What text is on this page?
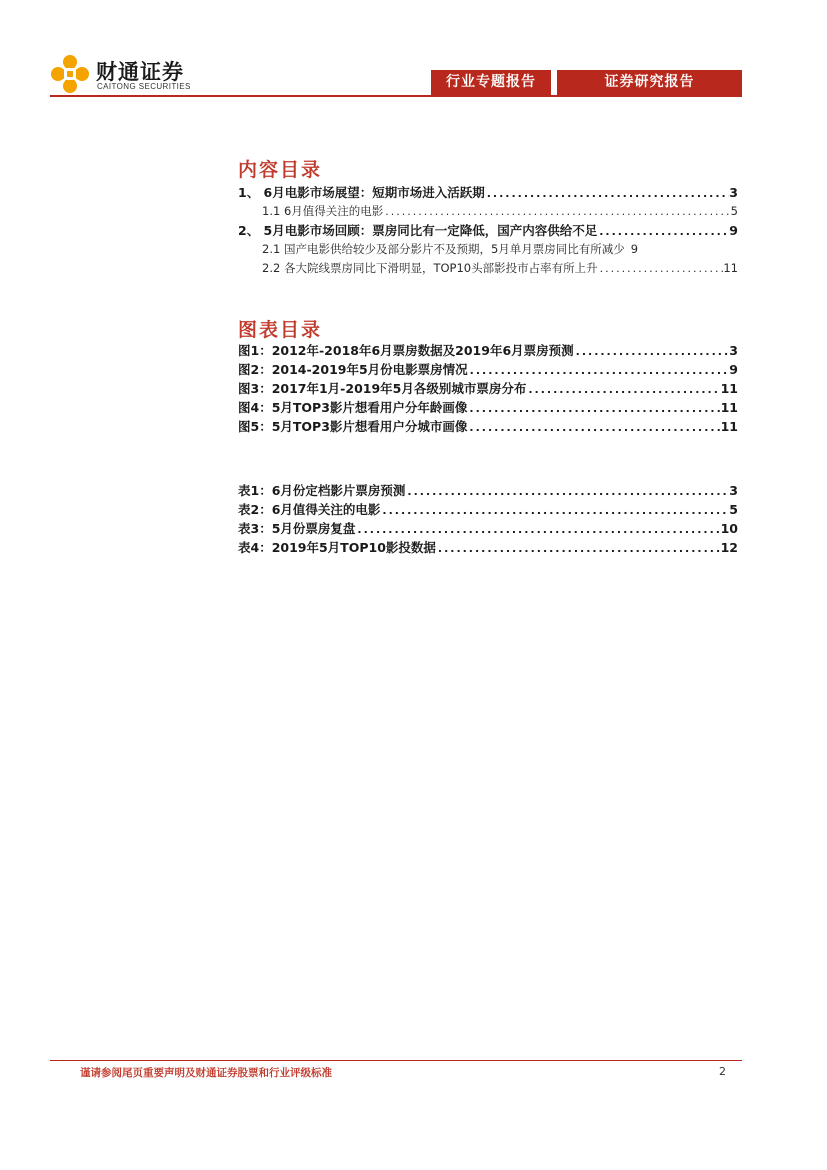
财通证券
CAITONG SECURITIES	行业专题报告	证券研究报告
内容目录
1、 6月电影市场展望：短期市场进入活跃期 .....	3
1.1 6月值得关注的电影 .....	5
2、 5月电影市场回顾：票房同比有一定降低，国产内容供给不足 .....	9
2.1 国产电影供给较少及部分影片不及预期，5月单月票房同比有所减少 9
2.2 各大院线票房同比下滑明显，TOP10头部影投市占率有所上升 .....	11
图表目录
图1：2012年-2018年6月票房数据及2019年6月票房预测 .....	3
图2：2014-2019年5月份电影票房情况 .....	9
图3：2017年1月-2019年5月各级别城市票房分布 .....	11
图4：5月TOP3影片想看用户分年龄画像 .....	11
图5：5月TOP3影片想看用户分城市画像 .....	11
表1：6月份定档影片票房预测 .....	3
表2：6月值得关注的电影 .....	5
表3：5月份票房复盘 .....	10
表4：2019年5月TOP10影投数据 .....	12
谨请参阅尾页重要声明及财通证券股票和行业评级标准	2
